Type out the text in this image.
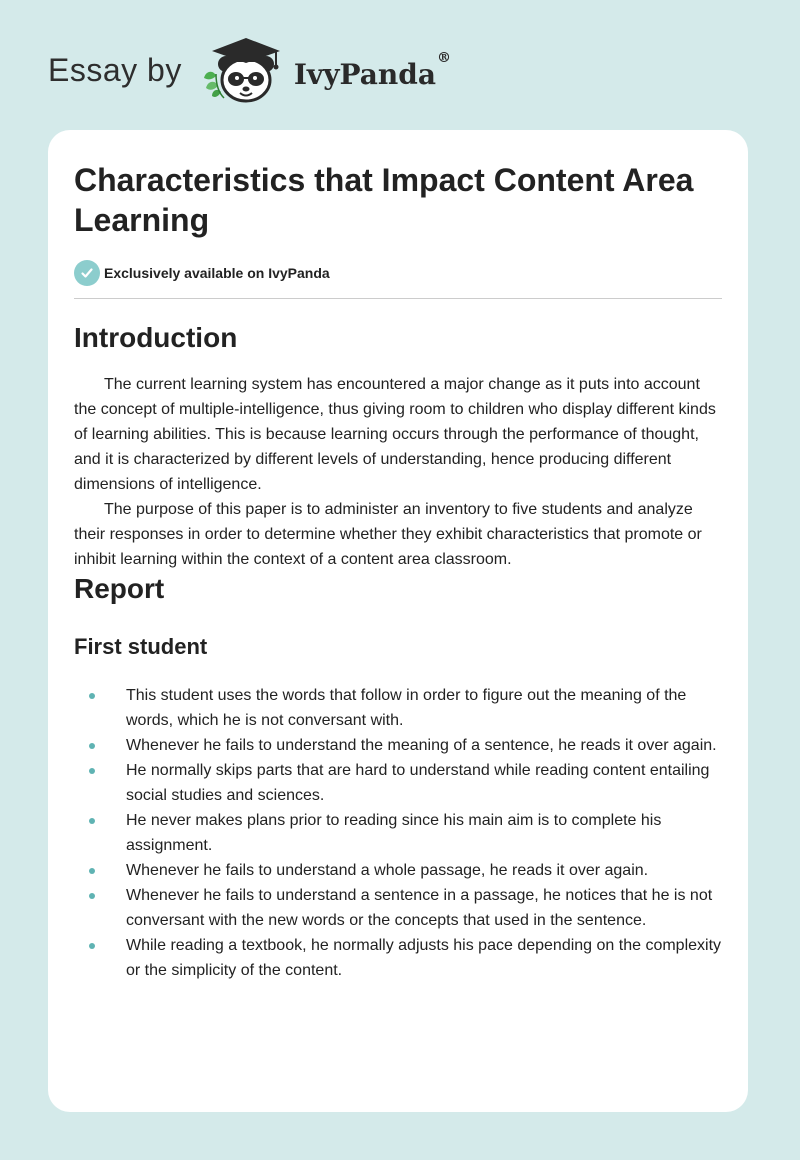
Essay by	IvyPanda®
Characteristics that Impact Content Area Learning
Exclusively available on IvyPanda
Introduction

The current learning system has encountered a major change as it puts into account the concept of multiple-intelligence, thus giving room to children who display different kinds of learning abilities. This is because learning occurs through the performance of thought, and it is characterized by different levels of understanding, hence producing different dimensions of intelligence.

The purpose of this paper is to administer an inventory to five students and analyze their responses in order to determine whether they exhibit characteristics that promote or inhibit learning within the context of a content area classroom.

Report
First student
This student uses the words that follow in order to figure out the meaning of the words, which he is not conversant with.
Whenever he fails to understand the meaning of a sentence, he reads it over again.
He normally skips parts that are hard to understand while reading content entailing social studies and sciences.
He never makes plans prior to reading since his main aim is to complete his assignment.
Whenever he fails to understand a whole passage, he reads it over again.
Whenever he fails to understand a sentence in a passage, he notices that he is not conversant with the new words or the concepts that used in the sentence.
While reading a textbook, he normally adjusts his pace depending on the complexity or the simplicity of the content.
